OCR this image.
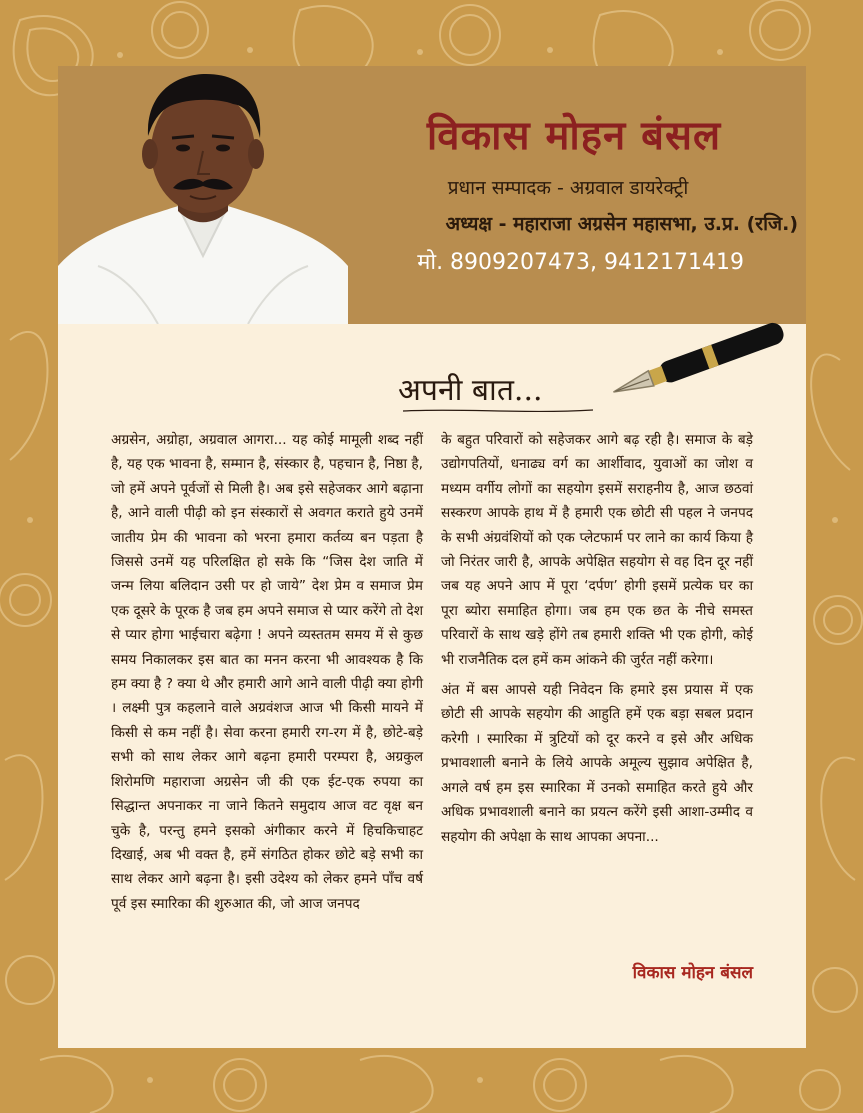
विकास मोहन बंसल
प्रधान सम्पादक - अग्रवाल डायरेक्ट्री
अध्यक्ष - महाराजा अग्रसेन महासभा, उ.प्र. (रजि.)
मो. 8909207473, 9412171419
अपनी बात...

अग्रसेन, अग्रोहा, अग्रवाल आगरा... यह कोई मामूली शब्द नहीं है, यह एक भावना है, सम्मान है, संस्कार है, पहचान है, निष्ठा है, जो हमें अपने पूर्वजों से मिली है। अब इसे सहेजकर आगे बढ़ाना है, आने वाली पीढ़ी को इन संस्कारों से अवगत कराते हुये उनमें जातीय प्रेम की भावना को भरना हमारा कर्तव्य बन पड़ता है जिससे उनमें यह परिलक्षित हो सके कि “जिस देश जाति में जन्म लिया बलिदान उसी पर हो जाये” देश प्रेम व समाज प्रेम एक दूसरे के पूरक है जब हम अपने समाज से प्यार करेंगे तो देश से प्यार होगा भाईचारा बढ़ेगा ! अपने व्यस्ततम समय में से कुछ समय निकालकर इस बात का मनन करना भी आवश्यक है कि हम क्या है ? क्या थे और हमारी आगे आने वाली पीढ़ी क्या होगी । लक्ष्मी पुत्र कहलाने वाले अग्रवंशज आज भी किसी मायने में किसी से कम नहीं है। सेवा करना हमारी रग-रग में है, छोटे-बड़े सभी को साथ लेकर आगे बढ़ना हमारी परम्परा है, अग्रकुल शिरोमणि महाराजा अग्रसेन जी की एक ईट-एक रुपया का सिद्धान्त अपनाकर ना जाने कितने समुदाय आज वट वृक्ष बन चुके है, परन्तु हमने इसको अंगीकार करने में हिचकिचाहट दिखाई, अब भी वक्त है, हमें संगठित होकर छोटे बड़े सभी का साथ लेकर आगे बढ़ना है। इसी उदेश्य को लेकर हमने पाँच वर्ष पूर्व इस स्मारिका की शुरुआत की, जो आज जनपद

के बहुत परिवारों को सहेजकर आगे बढ़ रही है। समाज के बड़े उद्योगपतियों, धनाढ्य वर्ग का आर्शीवाद, युवाओं का जोश व मध्यम वर्गीय लोगों का सहयोग इसमें सराहनीय है, आज छठवां सस्करण आपके हाथ में है हमारी एक छोटी सी पहल ने जनपद के सभी अंग्रवंशियों को एक प्लेटफार्म पर लाने का कार्य किया है जो निरंतर जारी है, आपके अपेक्षित सहयोग से वह दिन दूर नहीं जब यह अपने आप में पूरा ‘दर्पण’ होगी इसमें प्रत्येक घर का पूरा ब्योरा समाहित होगा। जब हम एक छत के नीचे समस्त परिवारों के साथ खड़े होंगे तब हमारी शक्ति भी एक होगी, कोई भी राजनैतिक दल हमें कम आंकने की जुर्रत नहीं करेगा।

अंत में बस आपसे यही निवेदन कि हमारे इस प्रयास में एक छोटी सी आपके सहयोग की आहुति हमें एक बड़ा सबल प्रदान करेगी । स्मारिका में त्रुटियों को दूर करने व इसे और अधिक प्रभावशाली बनाने के लिये आपके अमूल्य सुझाव अपेक्षित है, अगले वर्ष हम इस स्मारिका में उनको समाहित करते हुये और अधिक प्रभावशाली बनाने का प्रयत्न करेंगे इसी आशा-उम्मीद व सहयोग की अपेक्षा के साथ आपका अपना...

विकास मोहन बंसल
